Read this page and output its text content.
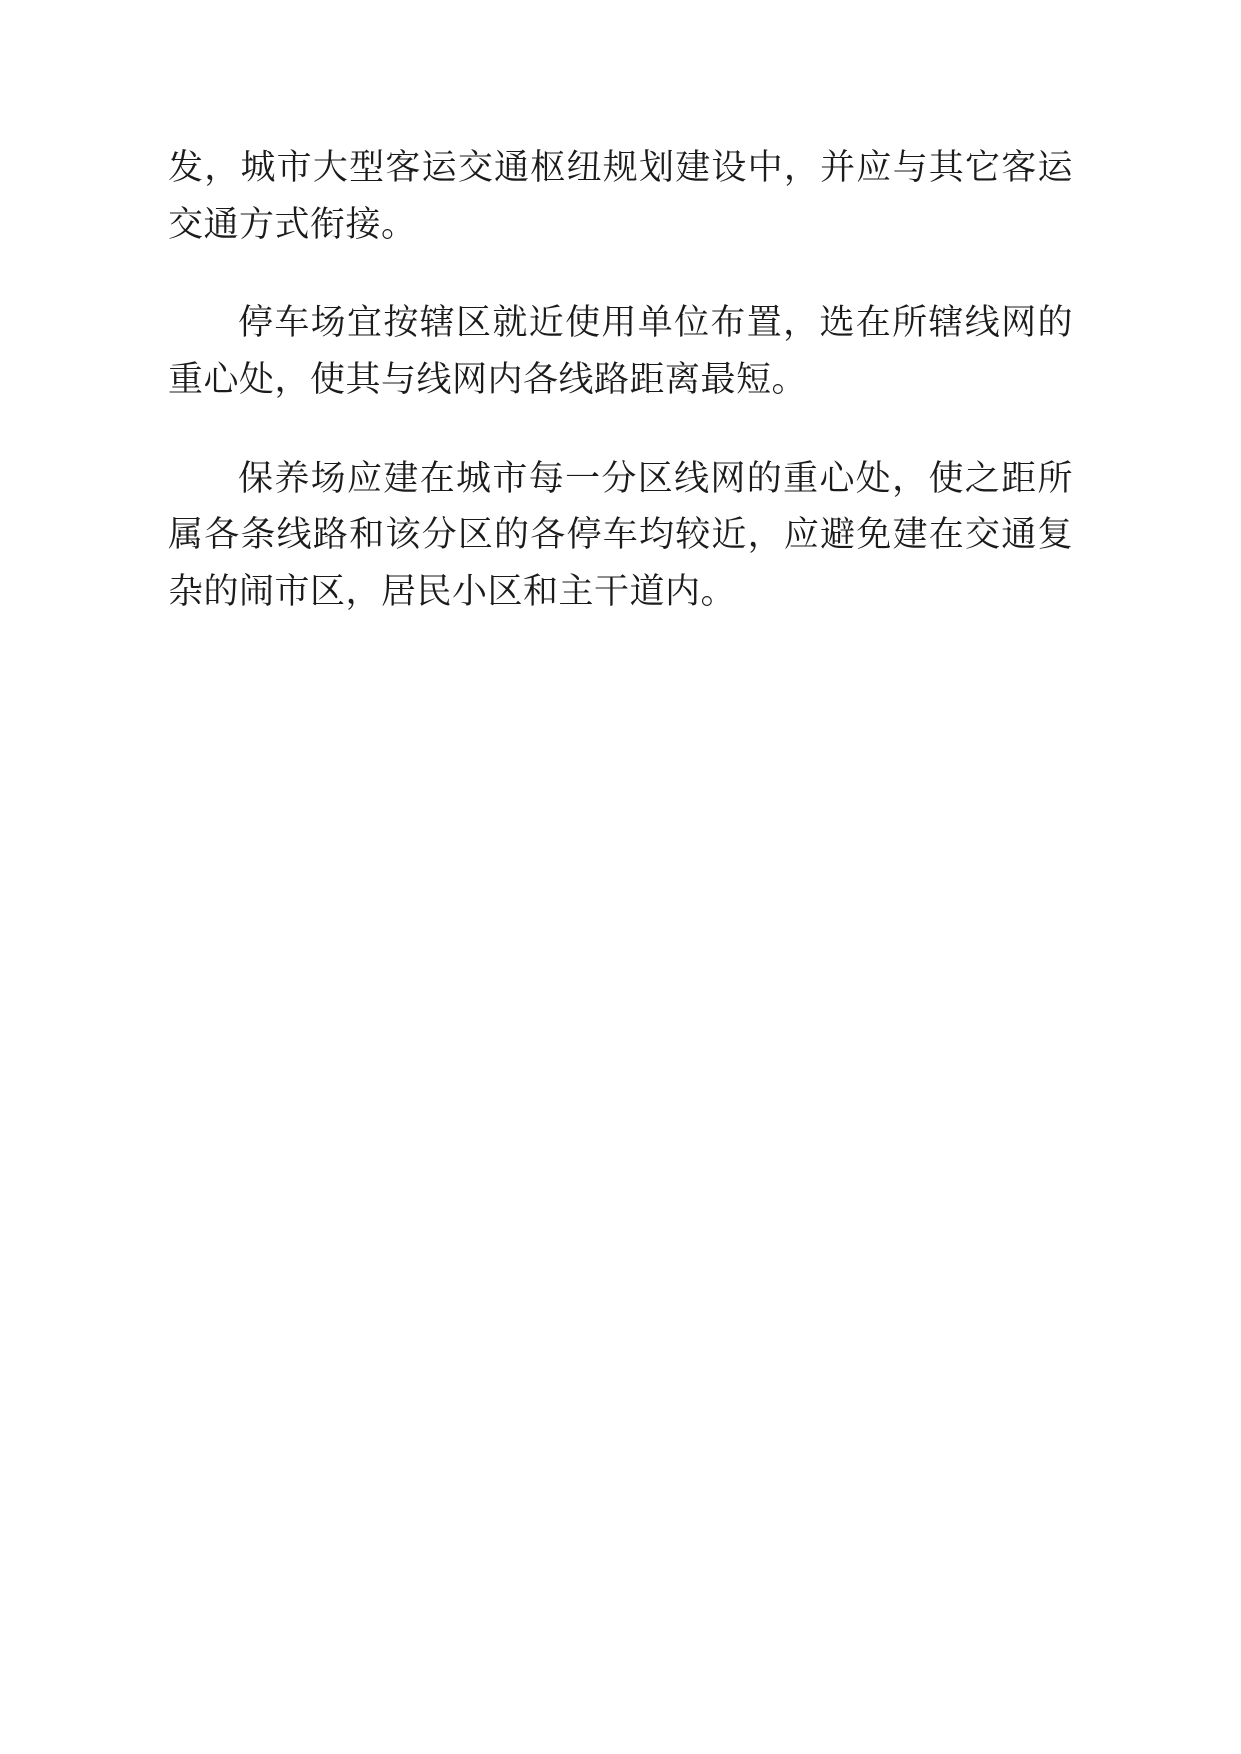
发，城市大型客运交通枢纽规划建设中，并应与其它客运交通方式衔接。

停车场宜按辖区就近使用单位布置，选在所辖线网的重心处，使其与线网内各线路距离最短。

保养场应建在城市每一分区线网的重心处，使之距所属各条线路和该分区的各停车均较近，应避免建在交通复杂的闹市区，居民小区和主干道内。
